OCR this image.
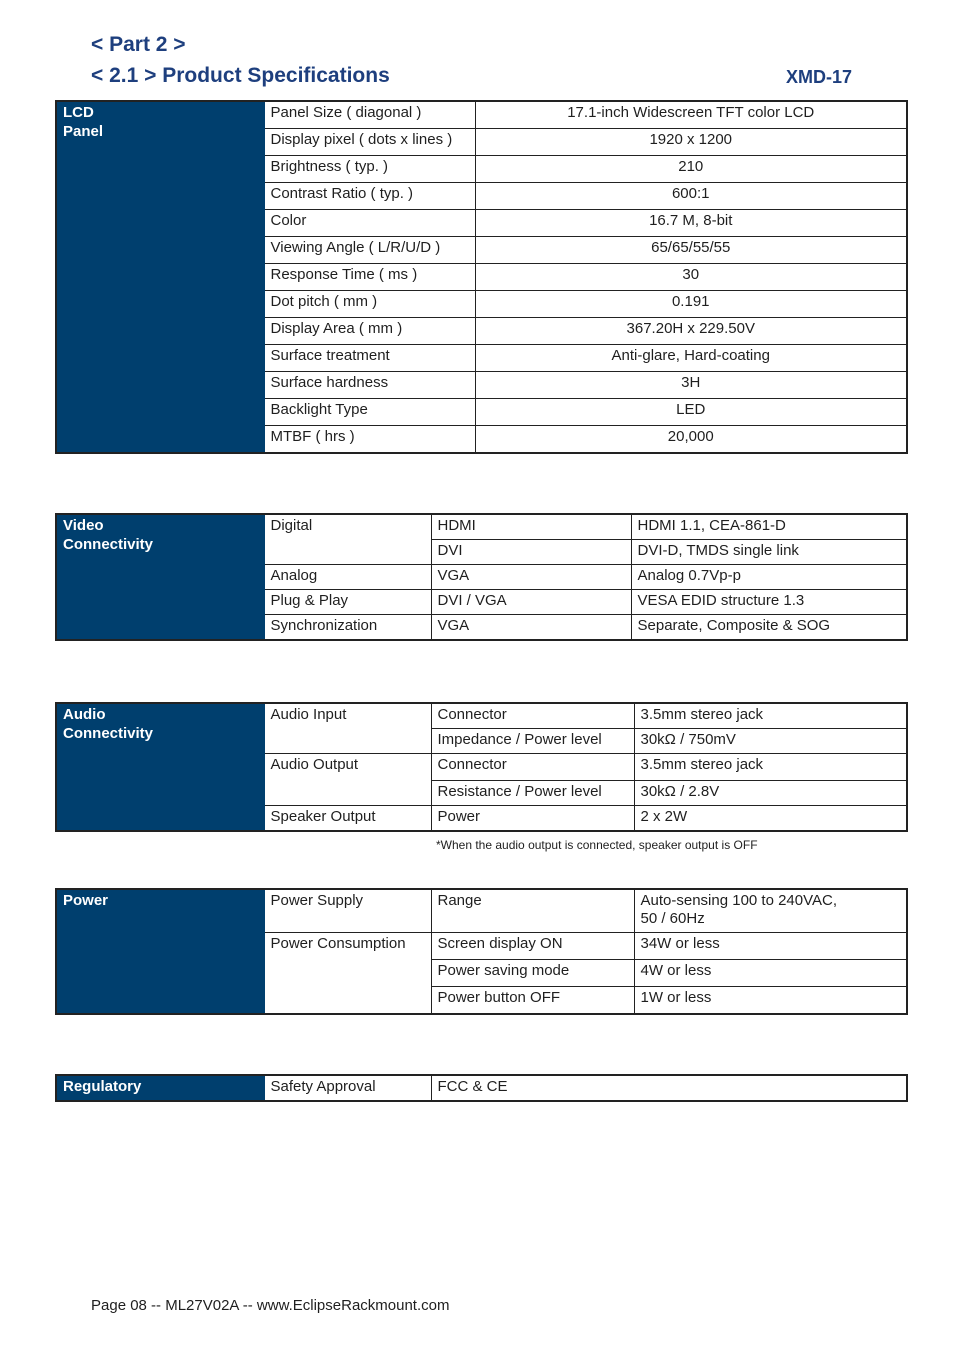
< Part 2 >
< 2.1 > Product Specifications	XMD-17
LCD
Panel	Panel Size ( diagonal )	17.1-inch Widescreen TFT color LCD
	Display pixel ( dots x lines )	1920 x 1200
	Brightness ( typ. )	210
	Contrast Ratio ( typ. )	600:1
	Color	16.7 M, 8-bit
	Viewing Angle ( L/R/U/D )	65/65/55/55
	Response Time ( ms )	30
	Dot pitch ( mm )	0.191
	Display Area ( mm )	367.20H x 229.50V
	Surface treatment	Anti-glare, Hard-coating
	Surface hardness	3H
	Backlight Type	LED
	MTBF ( hrs )	20,000
Video
Connectivity	Digital	HDMI	HDMI 1.1, CEA-861-D
		DVI	DVI-D, TMDS single link
	Analog	VGA	Analog 0.7Vp-p
	Plug & Play	DVI / VGA	VESA EDID structure 1.3
	Synchronization	VGA	Separate, Composite & SOG
Audio
Connectivity	Audio Input	Connector	3.5mm stereo jack
		Impedance / Power level	30kΩ / 750mV
	Audio Output	Connector	3.5mm stereo jack
		Resistance / Power level	30kΩ / 2.8V
	Speaker Output	Power	2 x 2W
*When the audio output is connected, speaker output is OFF
Power	Power Supply	Range	Auto-sensing 100 to 240VAC,
50 / 60Hz

	Power Consumption	Screen display ON	34W or less
		Power saving mode	4W or less
		Power button OFF	1W or less
Regulatory	Safety Approval	FCC & CE
Page 08 -- ML27V02A -- www.EclipseRackmount.com
